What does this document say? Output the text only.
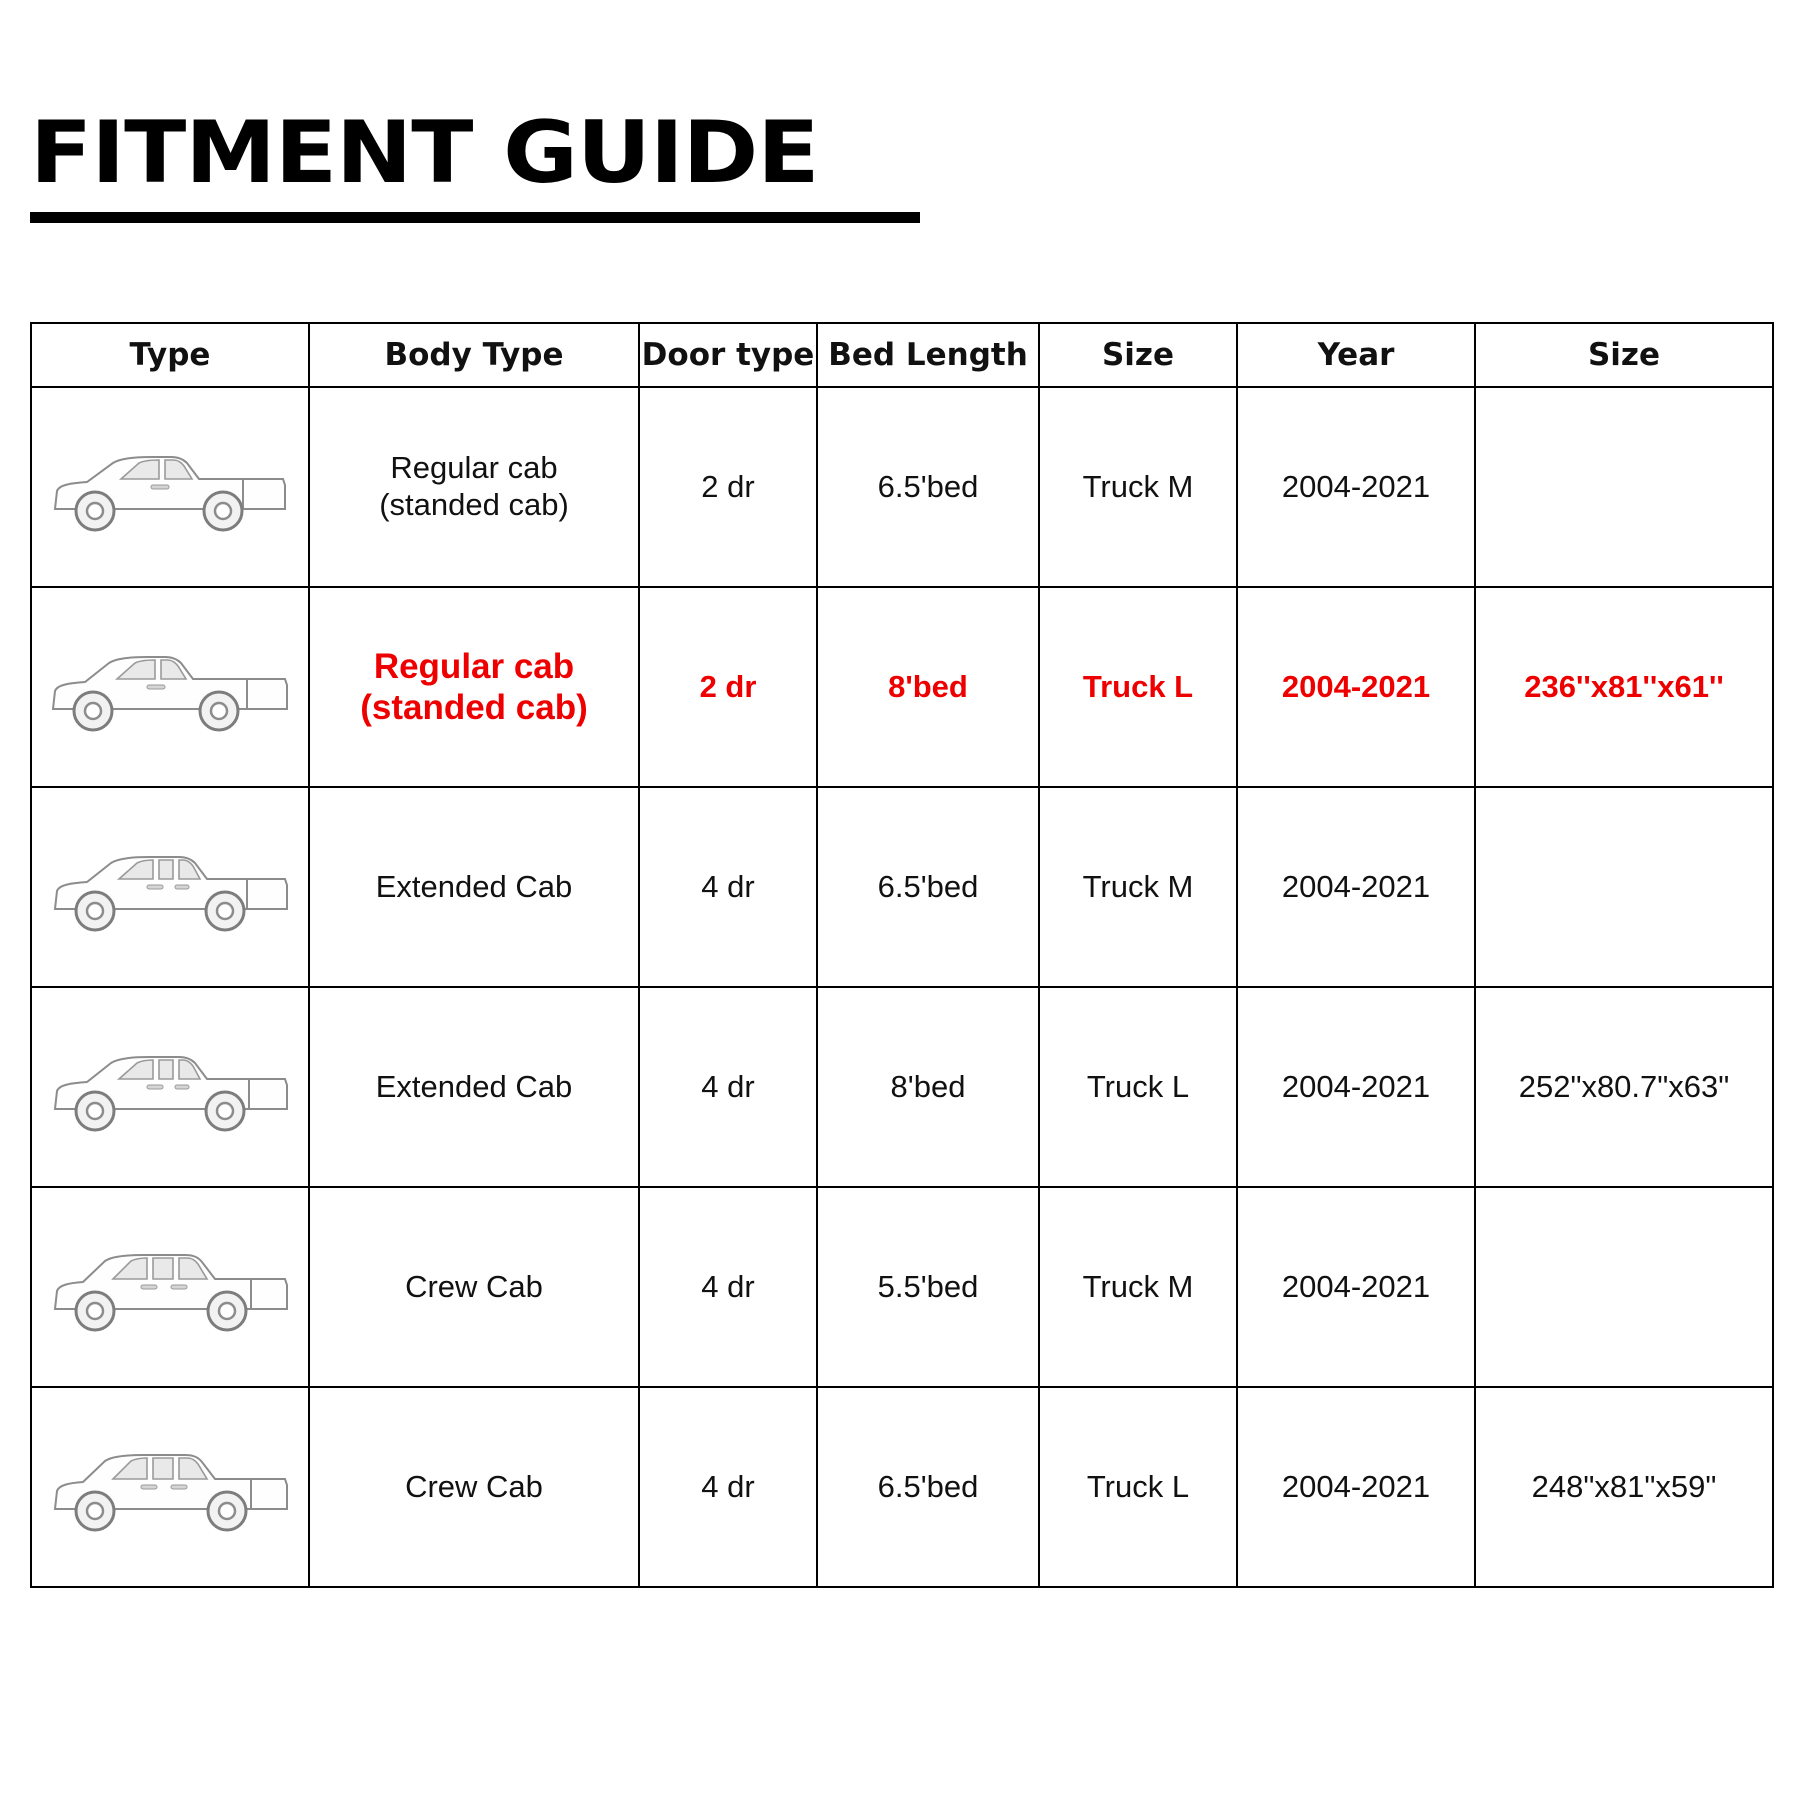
FITMENT GUIDE
Type	Body Type	Door type	Bed Length	Size	Year	Size

	Regular cab
(standed cab)	2 dr	6.5'bed	Truck M	2004-2021	

	Regular cab
(standed cab)	2 dr	8'bed	Truck L	2004-2021	236''x81''x61''

	Extended Cab	4 dr	6.5'bed	Truck M	2004-2021	

	Extended Cab	4 dr	8'bed	Truck L	2004-2021	252"x80.7"x63"

	Crew Cab	4 dr	5.5'bed	Truck M	2004-2021	

	Crew Cab	4 dr	6.5'bed	Truck L	2004-2021	248"x81"x59"
